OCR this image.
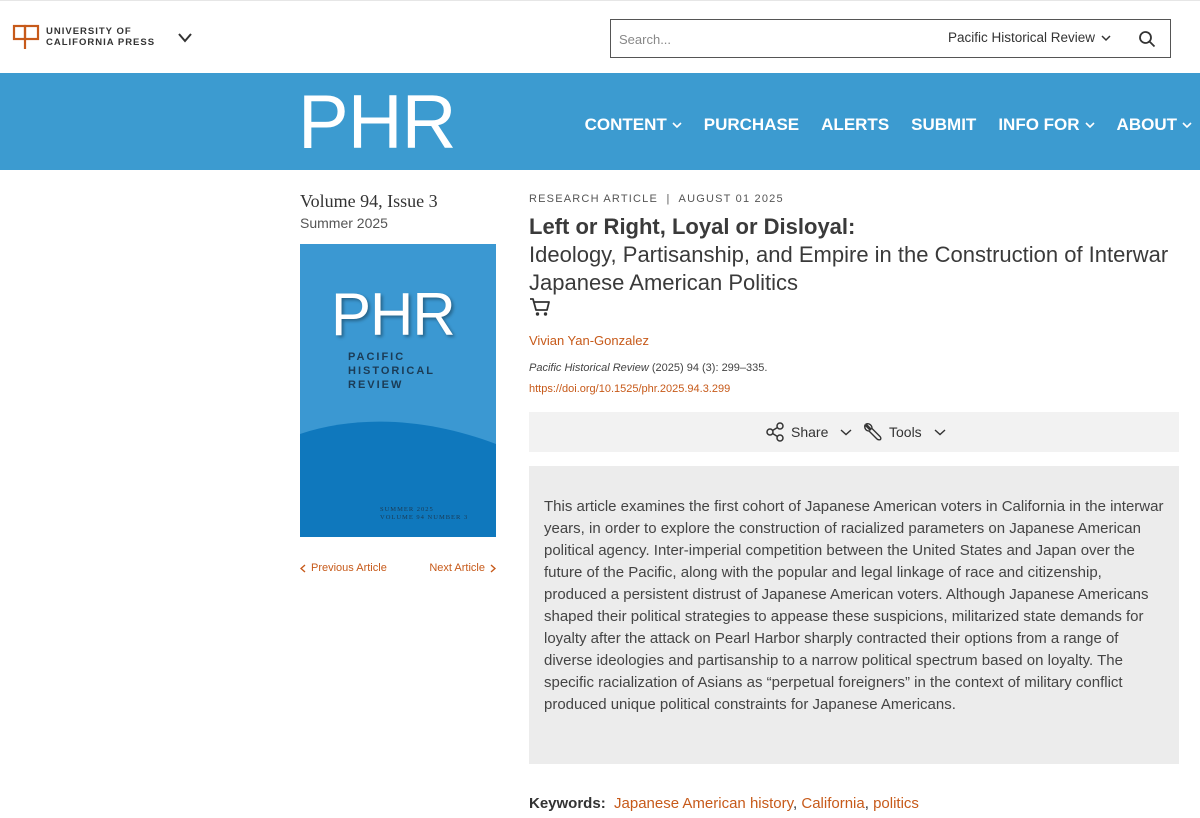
UNIVERSITY OF
CALIFORNIA PRESS
Search...	Pacific Historical Review
PHR	CONTENT PURCHASE ALERTS SUBMIT INFO FOR ABOUT
Volume 94, Issue 3
Summer 2025
PHR
PACIFIC HISTORICAL REVIEW
SUMMER 2025
VOLUME 94 NUMBER 3
Previous Article	Next Article
RESEARCH ARTICLE  |  AUGUST 01 2025
Left or Right, Loyal or Disloyal:
Ideology, Partisanship, and Empire in the Construction of Interwar Japanese American Politics
Vivian Yan-Gonzalez
Pacific Historical Review (2025) 94 (3): 299–335.
https://doi.org/10.1525/phr.2025.94.3.299
Share	Tools

This article examines the first cohort of Japanese American voters in California in the interwar years, in order to explore the construction of racialized parameters on Japanese American political agency. Inter-imperial competition between the United States and Japan over the future of the Pacific, along with the popular and legal linkage of race and citizenship, produced a persistent distrust of Japanese American voters. Although Japanese Americans shaped their political strategies to appease these suspicions, militarized state demands for loyalty after the attack on Pearl Harbor sharply contracted their options from a range of diverse ideologies and partisanship to a narrow political spectrum based on loyalty. The specific racialization of Asians as “perpetual foreigners” in the context of military conflict produced unique political constraints for Japanese Americans.

Keywords: Japanese American history, California, politics
